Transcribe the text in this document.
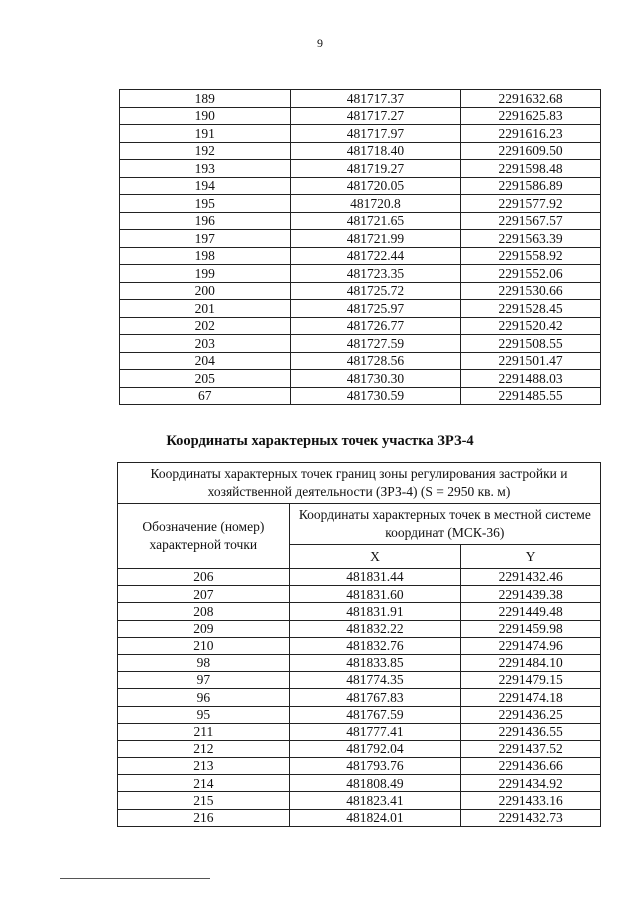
9
189	481717.37	2291632.68
190	481717.27	2291625.83
191	481717.97	2291616.23
192	481718.40	2291609.50
193	481719.27	2291598.48
194	481720.05	2291586.89
195	481720.8	2291577.92
196	481721.65	2291567.57
197	481721.99	2291563.39
198	481722.44	2291558.92
199	481723.35	2291552.06
200	481725.72	2291530.66
201	481725.97	2291528.45
202	481726.77	2291520.42
203	481727.59	2291508.55
204	481728.56	2291501.47
205	481730.30	2291488.03
67	481730.59	2291485.55
Координаты характерных точек участка ЗРЗ-4
Координаты характерных точек границ зоны регулирования застройки и хозяйственной деятельности (ЗРЗ-4) (S = 2950 кв. м)		
Обозначение (номер) характерной точки	Координаты характерных точек в местной системе координат (МСК-36)	
	X	Y
206	481831.44	2291432.46
207	481831.60	2291439.38
208	481831.91	2291449.48
209	481832.22	2291459.98
210	481832.76	2291474.96
98	481833.85	2291484.10
97	481774.35	2291479.15
96	481767.83	2291474.18
95	481767.59	2291436.25
211	481777.41	2291436.55
212	481792.04	2291437.52
213	481793.76	2291436.66
214	481808.49	2291434.92
215	481823.41	2291433.16
216	481824.01	2291432.73
